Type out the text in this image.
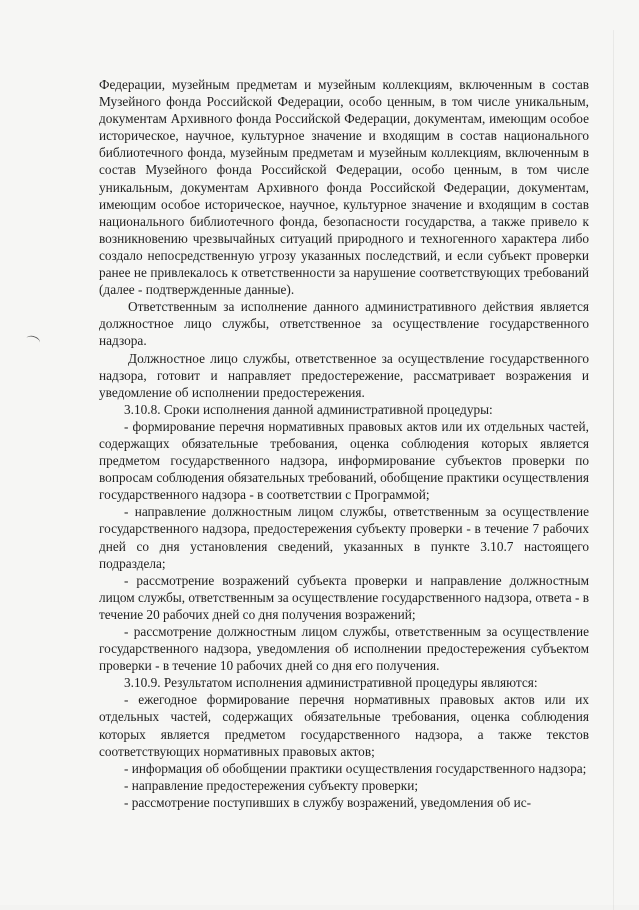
Федерации, музейным предметам и музейным коллекциям, включенным в состав Музейного фонда Российской Федерации, особо ценным, в том числе уникальным, документам Архивного фонда Российской Федерации, документам, имеющим особое историческое, научное, культурное значение и входящим в состав национального библиотечного фонда, музейным предметам и музейным коллекциям, включенным в состав Музейного фонда Российской Федерации, особо ценным, в том числе уникальным, документам Архивного фонда Российской Федерации, документам, имеющим особое историческое, научное, культурное значение и входящим в состав национального библиотечного фонда, безопасности государства, а также привело к возникновению чрезвычайных ситуаций природного и техногенного характера либо создало непосредственную угрозу указанных последствий, и если субъект проверки ранее не привлекалось к ответственности за нарушение соответствующих требований (далее - подтвержденные данные).

Ответственным за исполнение данного административного действия является должностное лицо службы, ответственное за осуществление государственного надзора.

Должностное лицо службы, ответственное за осуществление государственного надзора, готовит и направляет предостережение, рассматривает возражения и уведомление об исполнении предостережения.

3.10.8. Сроки исполнения данной административной процедуры:

- формирование перечня нормативных правовых актов или их отдельных частей, содержащих обязательные требования, оценка соблюдения которых является предметом государственного надзора, информирование субъектов проверки по вопросам соблюдения обязательных требований, обобщение практики осуществления государственного надзора - в соответствии с Программой;

- направление должностным лицом службы, ответственным за осуществление государственного надзора, предостережения субъекту проверки - в течение 7 рабочих дней со дня установления сведений, указанных в пункте 3.10.7 настоящего подраздела;

- рассмотрение возражений субъекта проверки и направление должностным лицом службы, ответственным за осуществление государственного надзора, ответа - в течение 20 рабочих дней со дня получения возражений;

- рассмотрение должностным лицом службы, ответственным за осуществление государственного надзора, уведомления об исполнении предостережения субъектом проверки - в течение 10 рабочих дней со дня его получения.

3.10.9. Результатом исполнения административной процедуры являются:

- ежегодное формирование перечня нормативных правовых актов или их отдельных частей, содержащих обязательные требования, оценка соблюдения которых является предметом государственного надзора, а также текстов соответствующих нормативных правовых актов;

- информация об обобщении практики осуществления государственного надзора;

- направление предостережения субъекту проверки;

- рассмотрение поступивших в службу возражений, уведомления об ис-
